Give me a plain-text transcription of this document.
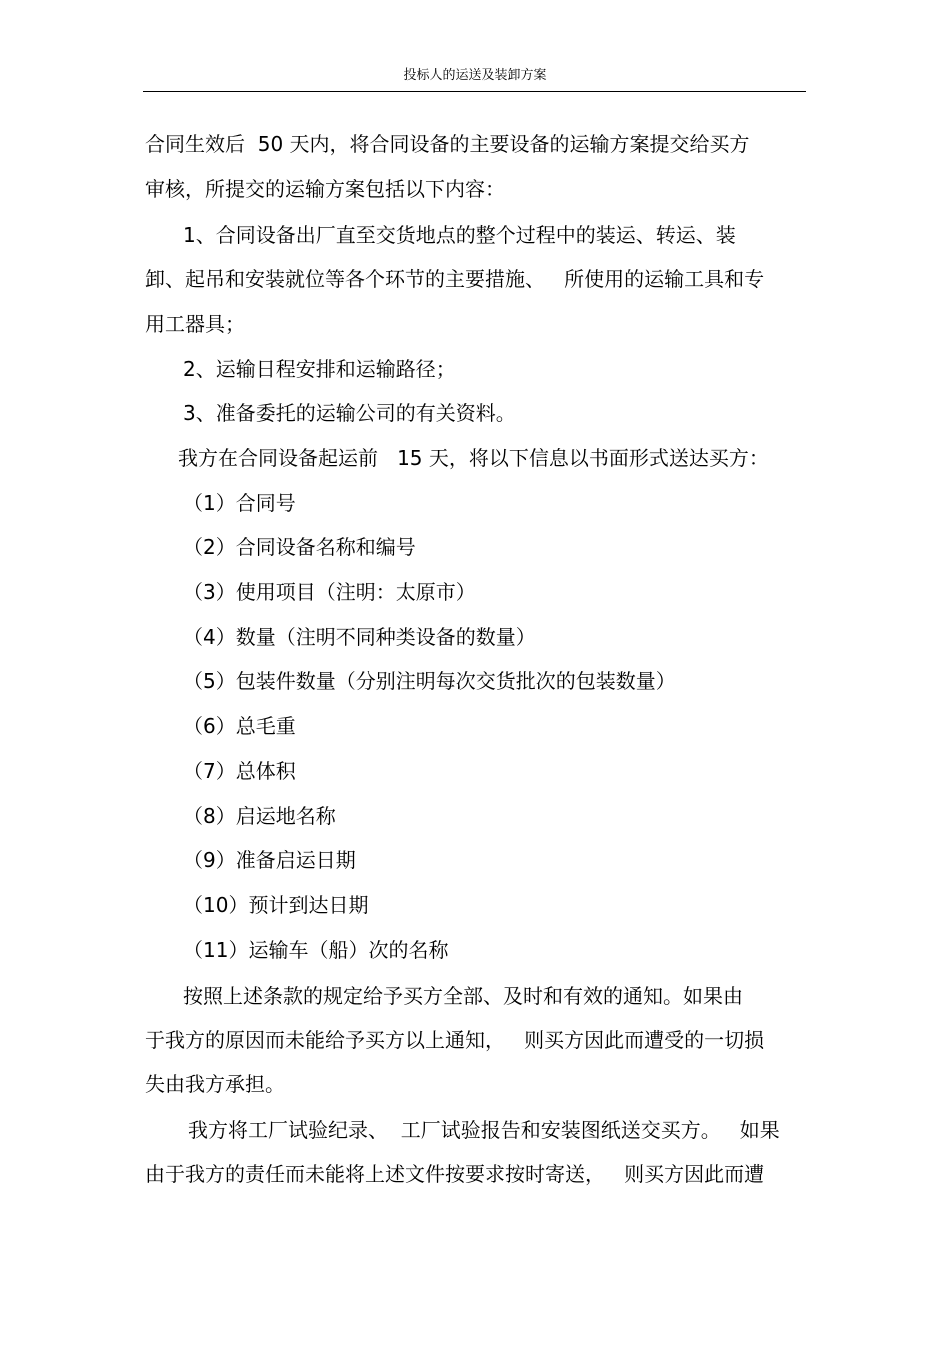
投标人的运送及装卸方案
合同生效后  50 天内，将合同设备的主要设备的运输方案提交给买方
审核，所提交的运输方案包括以下内容：
1、合同设备出厂直至交货地点的整个过程中的装运、转运、装
卸、起吊和安装就位等各个环节的主要措施、   所使用的运输工具和专
用工器具；
2、运输日程安排和运输路径；
3、准备委托的运输公司的有关资料。
我方在合同设备起运前   15 天，将以下信息以书面形式送达买方：
（1）合同号
（2）合同设备名称和编号
（3）使用项目（注明：太原市）
（4）数量（注明不同种类设备的数量）
（5）包装件数量（分别注明每次交货批次的包装数量）
（6）总毛重
（7）总体积
（8）启运地名称
（9）准备启运日期
（10）预计到达日期
（11）运输车（船）次的名称
按照上述条款的规定给予买方全部、及时和有效的通知。如果由
于我方的原因而未能给予买方以上通知，   则买方因此而遭受的一切损
失由我方承担。
我方将工厂试验纪录、  工厂试验报告和安装图纸送交买方。   如果
由于我方的责任而未能将上述文件按要求按时寄送，   则买方因此而遭
